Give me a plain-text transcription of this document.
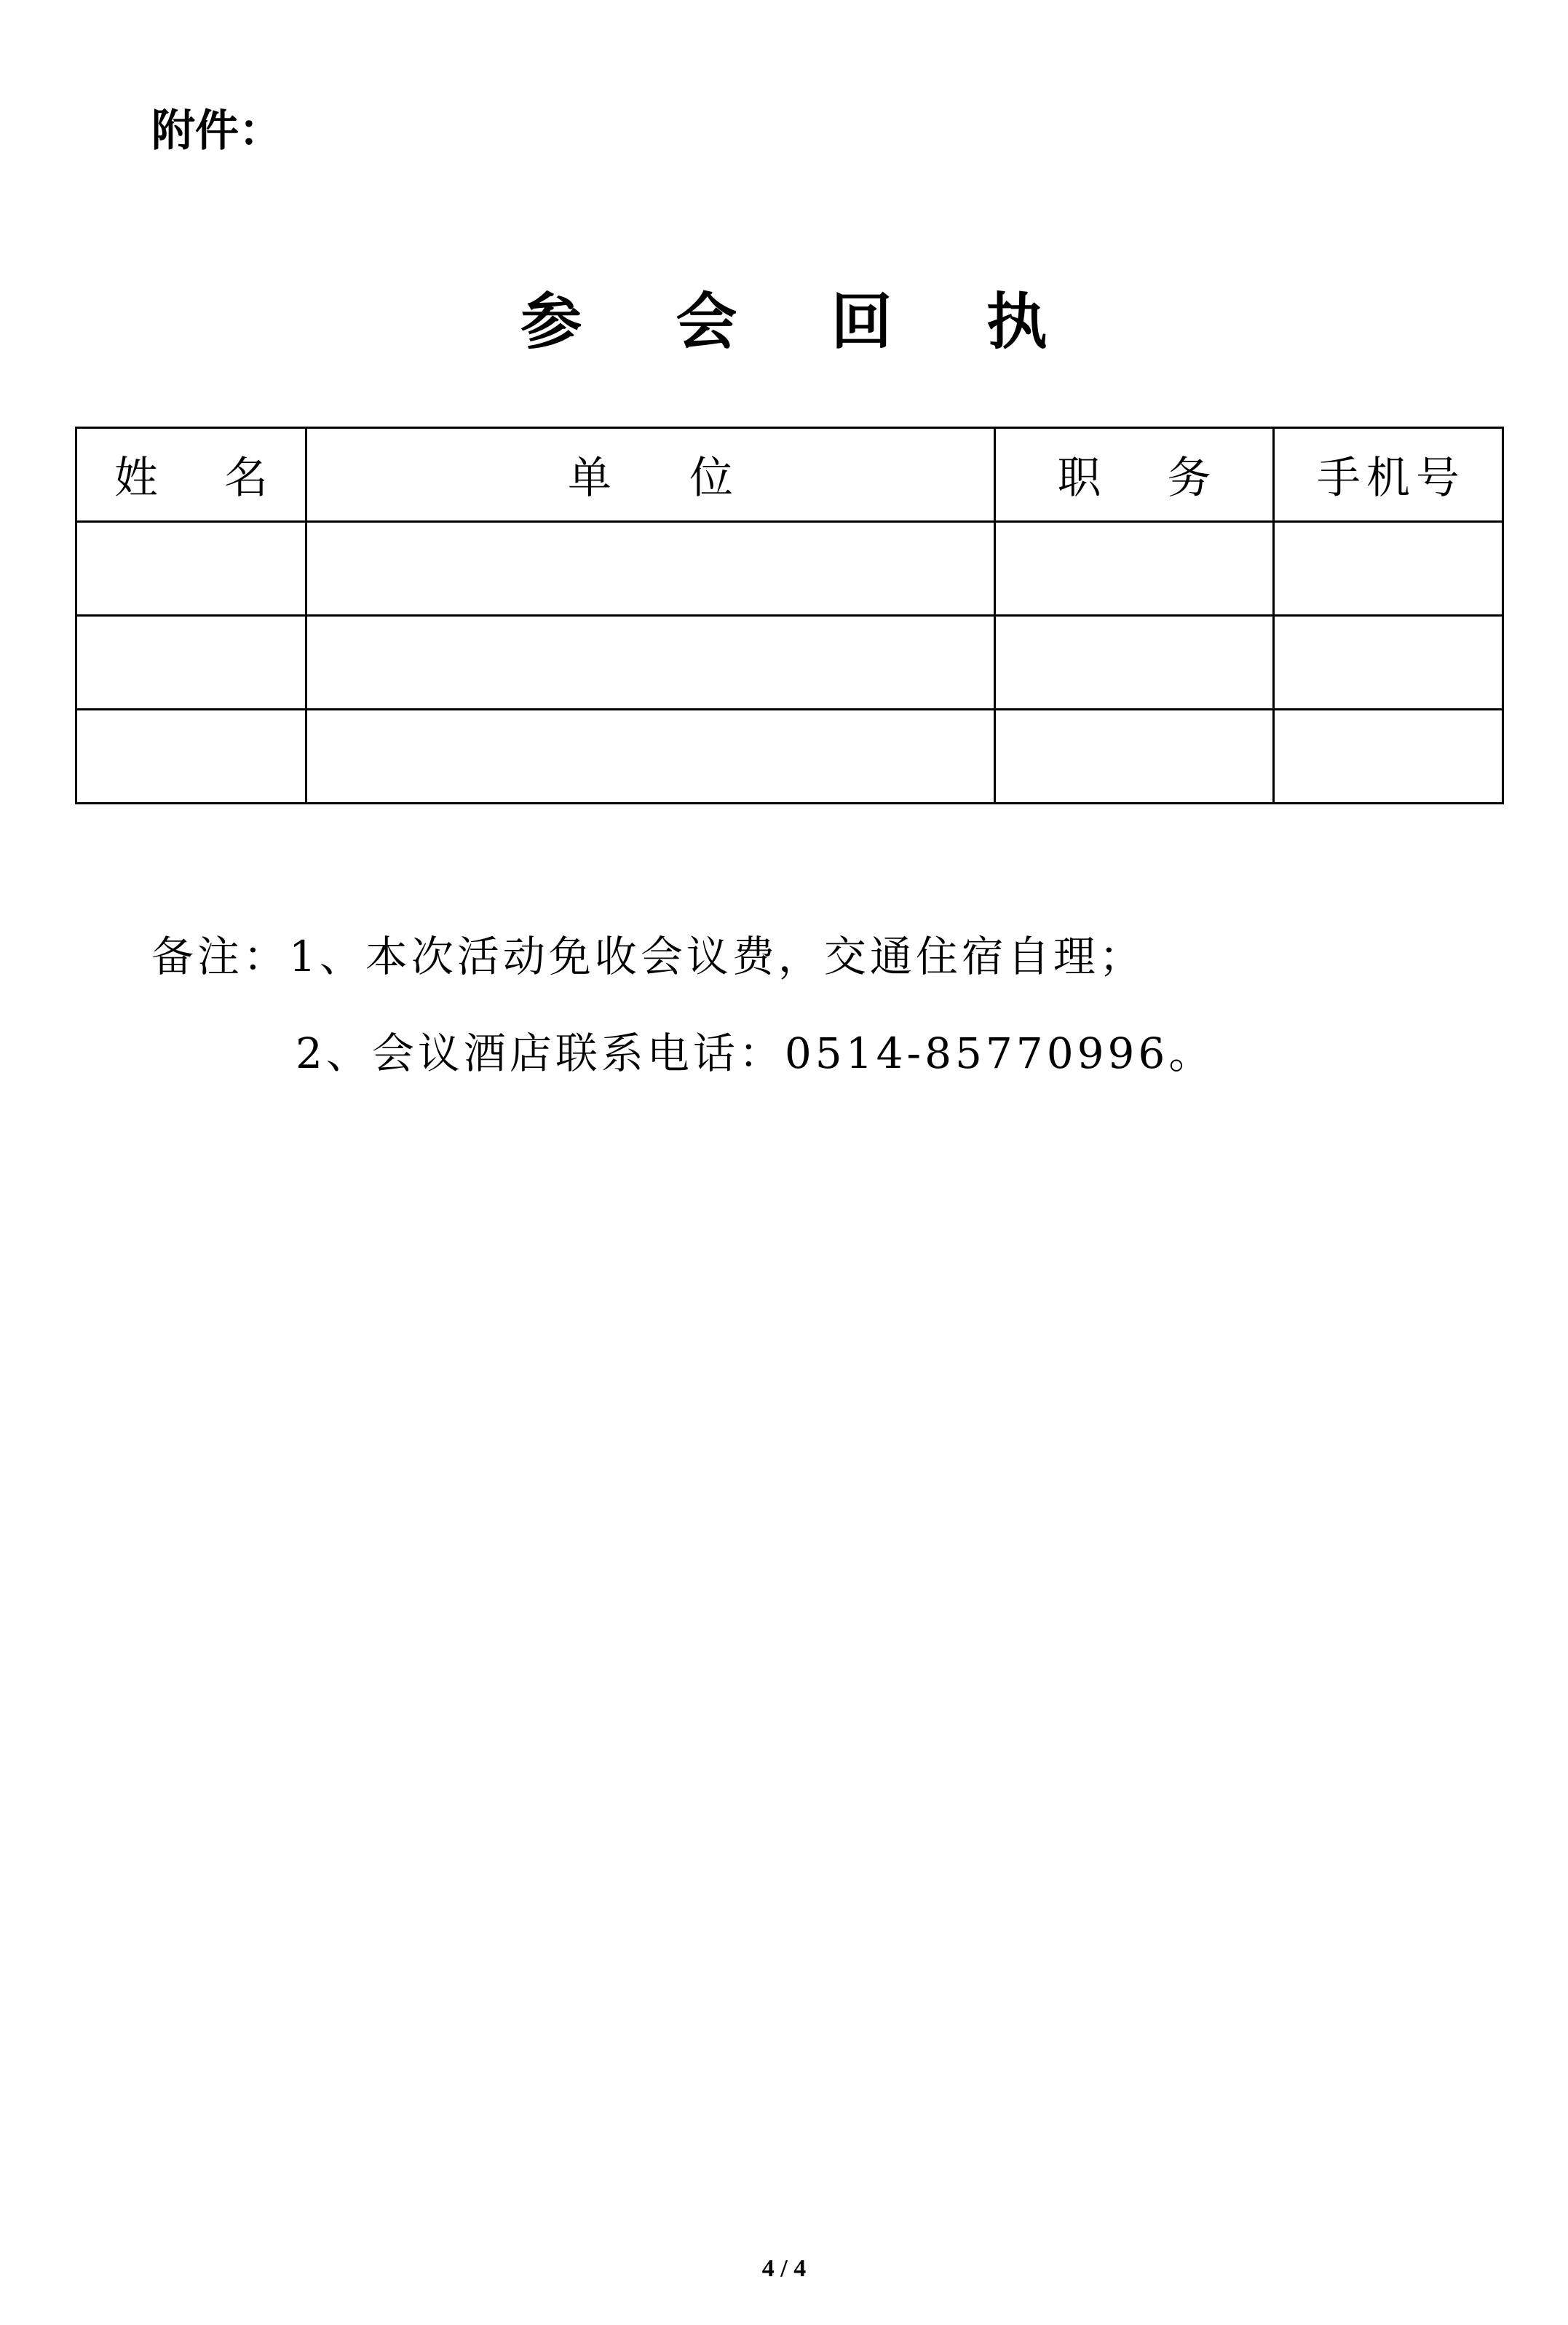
附件：
参 会 回 执
姓 名	单 位	职 务	手机号

备注：1、本次活动免收会议费，交通住宿自理；
2、会议酒店联系电话：0514-85770996。
4 / 4
